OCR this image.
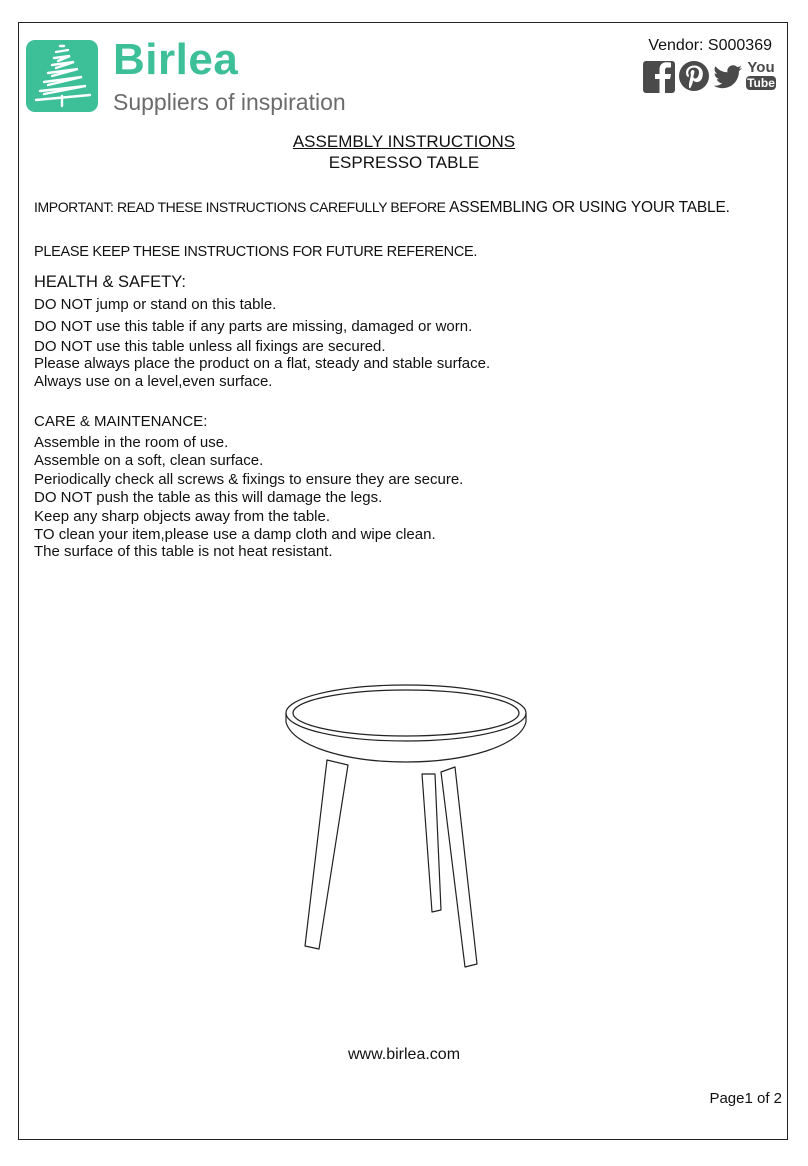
Birlea
Suppliers of inspiration
Vendor: S000369
You
Tube
ASSEMBLY INSTRUCTIONS
ESPRESSO TABLE
IMPORTANT: READ THESE INSTRUCTIONS CAREFULLY BEFORE ASSEMBLING OR USING YOUR TABLE.
PLEASE KEEP THESE INSTRUCTIONS FOR FUTURE REFERENCE.
HEALTH & SAFETY:
DO NOT jump or stand on this table.
DO NOT use this table if any parts are missing, damaged or worn.
DO NOT use this table unless all fixings are secured.
Please always place the product on a flat, steady and stable surface.
Always use on a level,even surface.
CARE & MAINTENANCE:
Assemble in the room of use.
Assemble on a soft, clean surface.
Periodically check all screws & fixings to ensure they are secure.
DO NOT push the table as this will damage the legs.
Keep any sharp objects away from the table.
TO clean your item,please use a damp cloth and wipe clean.
The surface of this table is not heat resistant.
www.birlea.com
Page1 of 2
